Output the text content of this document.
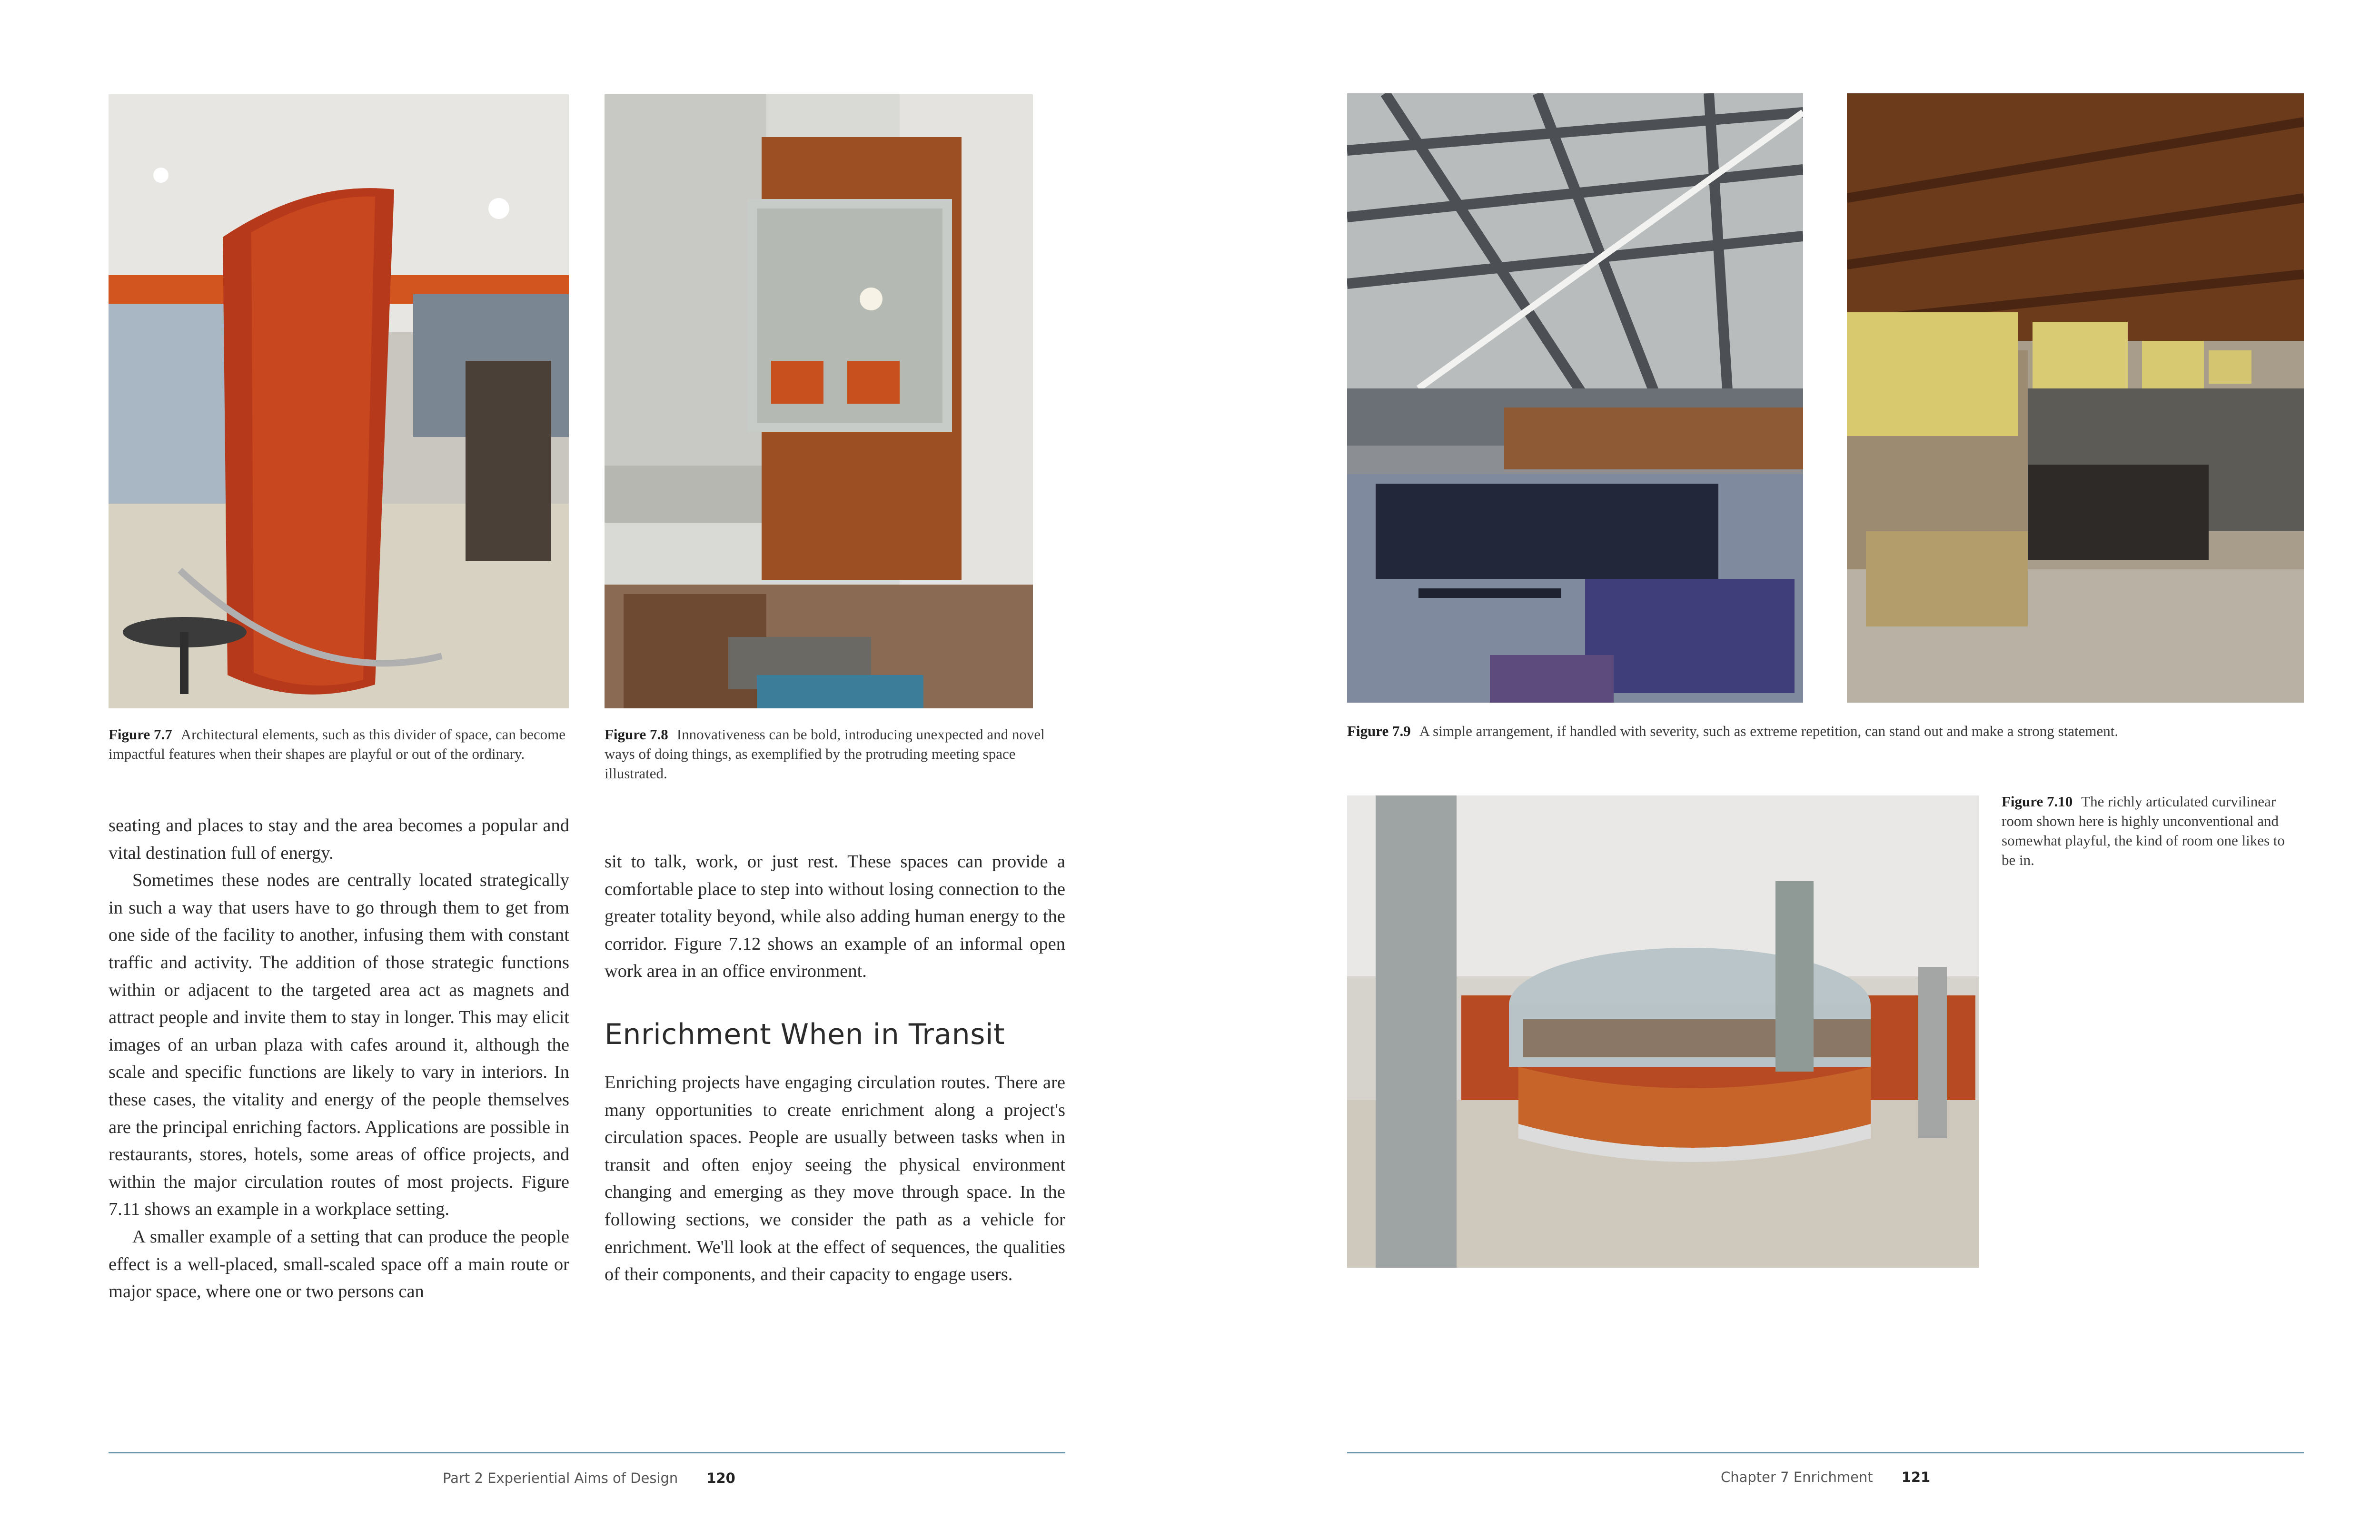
Figure 7.7 Architectural elements, such as this divider of space, can become impactful features when their shapes are playful or out of the ordinary.
Figure 7.8 Innovativeness can be bold, introducing unexpected and novel ways of doing things, as exemplified by the protruding meeting space illustrated.

seating and places to stay and the area becomes a popular and vital destination full of energy.

Sometimes these nodes are centrally located strategically in such a way that users have to go through them to get from one side of the facility to another, infusing them with constant traffic and activity. The addition of those strategic functions within or adjacent to the targeted area act as magnets and attract people and invite them to stay in longer. This may elicit images of an urban plaza with cafes around it, although the scale and specific functions are likely to vary in interiors. In these cases, the vitality and energy of the people themselves are the principal enriching factors. Applications are possible in restaurants, stores, hotels, some areas of office projects, and within the major circulation routes of most projects. Figure 7.11 shows an example in a workplace setting.

A smaller example of a setting that can produce the people effect is a well-placed, small-scaled space off a main route or major space, where one or two persons can

sit to talk, work, or just rest. These spaces can provide a comfortable place to step into without losing connection to the greater totality beyond, while also adding human energy to the corridor. Figure 7.12 shows an example of an informal open work area in an office environment.

Enrichment When in Transit

Enriching projects have engaging circulation routes. There are many opportunities to create enrichment along a project's circulation spaces. People are usually between tasks when in transit and often enjoy seeing the physical environment changing and emerging as they move through space. In the following sections, we consider the path as a vehicle for enrichment. We'll look at the effect of sequences, the qualities of their components, and their capacity to engage users.

Part 2 Experiential Aims of Design 120
Figure 7.9 A simple arrangement, if handled with severity, such as extreme repetition, can stand out and make a strong statement.
Figure 7.10 The richly articulated curvilinear room shown here is highly unconventional and somewhat playful, the kind of room one likes to be in.
Chapter 7 Enrichment 121
